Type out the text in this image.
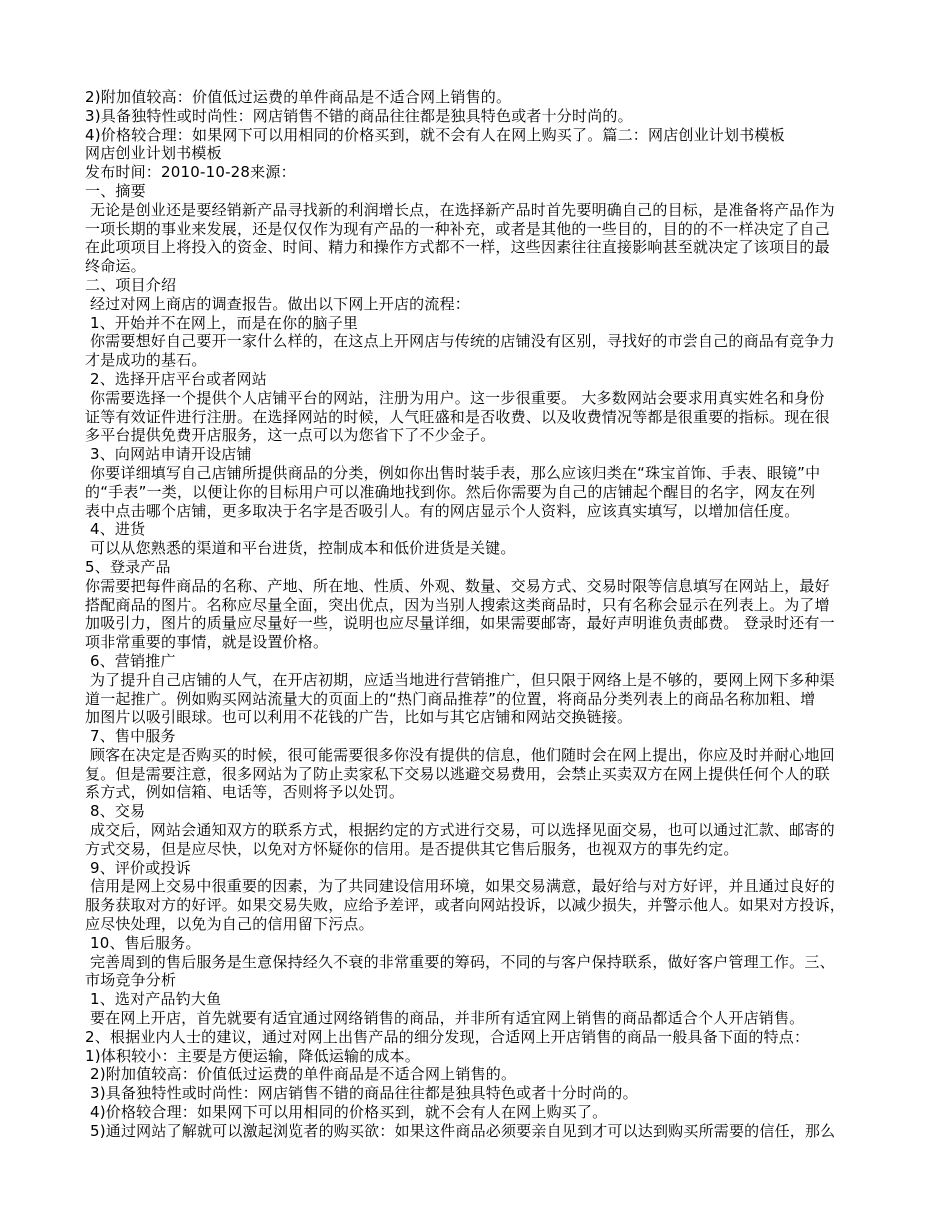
2)附加值较高：价值低过运费的单件商品是不适合网上销售的。
3)具备独特性或时尚性：网店销售不错的商品往往都是独具特色或者十分时尚的。
4)价格较合理：如果网下可以用相同的价格买到，就不会有人在网上购买了。篇二：网店创业计划书模板
网店创业计划书模板
发布时间：2010-10-28来源：
一、摘要
无论是创业还是要经销新产品寻找新的利润增长点，在选择新产品时首先要明确自己的目标，是准备将产品作为
一项长期的事业来发展，还是仅仅作为现有产品的一种补充，或者是其他的一些目的，目的的不一样决定了自己
在此项项目上将投入的资金、时间、精力和操作方式都不一样，这些因素往往直接影响甚至就决定了该项目的最
终命运。
二、项目介绍
经过对网上商店的调查报告。做出以下网上开店的流程：
1、开始并不在网上，而是在你的脑子里
你需要想好自己要开一家什么样的，在这点上开网店与传统的店铺没有区别，寻找好的市尝自己的商品有竞争力
才是成功的基石。
2、选择开店平台或者网站
你需要选择一个提供个人店铺平台的网站，注册为用户。这一步很重要。 大多数网站会要求用真实姓名和身份
证等有效证件进行注册。在选择网站的时候，人气旺盛和是否收费、以及收费情况等都是很重要的指标。现在很
多平台提供免费开店服务，这一点可以为您省下了不少金子。
3、向网站申请开设店铺
你要详细填写自己店铺所提供商品的分类，例如你出售时装手表，那么应该归类在“珠宝首饰、手表、眼镜”中
的“手表”一类，以便让你的目标用户可以准确地找到你。然后你需要为自己的店铺起个醒目的名字，网友在列
表中点击哪个店铺，更多取决于名字是否吸引人。有的网店显示个人资料，应该真实填写，以增加信任度。
4、进货
可以从您熟悉的渠道和平台进货，控制成本和低价进货是关键。
5、登录产品
你需要把每件商品的名称、产地、所在地、性质、外观、数量、交易方式、交易时限等信息填写在网站上，最好
搭配商品的图片。名称应尽量全面，突出优点，因为当别人搜索这类商品时，只有名称会显示在列表上。为了增
加吸引力，图片的质量应尽量好一些，说明也应尽量详细，如果需要邮寄，最好声明谁负责邮费。 登录时还有一
项非常重要的事情，就是设置价格。
6、营销推广
为了提升自己店铺的人气，在开店初期，应适当地进行营销推广，但只限于网络上是不够的，要网上网下多种渠
道一起推广。例如购买网站流量大的页面上的“热门商品推荐”的位置，将商品分类列表上的商品名称加粗、增
加图片以吸引眼球。也可以利用不花钱的广告，比如与其它店铺和网站交换链接。
7、售中服务
顾客在决定是否购买的时候，很可能需要很多你没有提供的信息，他们随时会在网上提出，你应及时并耐心地回
复。但是需要注意，很多网站为了防止卖家私下交易以逃避交易费用，会禁止买卖双方在网上提供任何个人的联
系方式，例如信箱、电话等，否则将予以处罚。
8、交易
成交后，网站会通知双方的联系方式，根据约定的方式进行交易，可以选择见面交易，也可以通过汇款、邮寄的
方式交易，但是应尽快，以免对方怀疑你的信用。是否提供其它售后服务，也视双方的事先约定。
9、评价或投诉
信用是网上交易中很重要的因素，为了共同建设信用环境，如果交易满意，最好给与对方好评，并且通过良好的
服务获取对方的好评。如果交易失败，应给予差评，或者向网站投诉，以减少损失，并警示他人。如果对方投诉，
应尽快处理，以免为自己的信用留下污点。
10、售后服务。
完善周到的售后服务是生意保持经久不衰的非常重要的筹码，不同的与客户保持联系，做好客户管理工作。三、
市场竞争分析
1、选对产品钓大鱼
要在网上开店，首先就要有适宜通过网络销售的商品，并非所有适宜网上销售的商品都适合个人开店销售。
2、根据业内人士的建议，通过对网上出售产品的细分发现，合适网上开店销售的商品一般具备下面的特点：
1)体积较小：主要是方便运输，降低运输的成本。
2)附加值较高：价值低过运费的单件商品是不适合网上销售的。
3)具备独特性或时尚性：网店销售不错的商品往往都是独具特色或者十分时尚的。
4)价格较合理：如果网下可以用相同的价格买到，就不会有人在网上购买了。
5)通过网站了解就可以激起浏览者的购买欲：如果这件商品必须要亲自见到才可以达到购买所需要的信任，那么
